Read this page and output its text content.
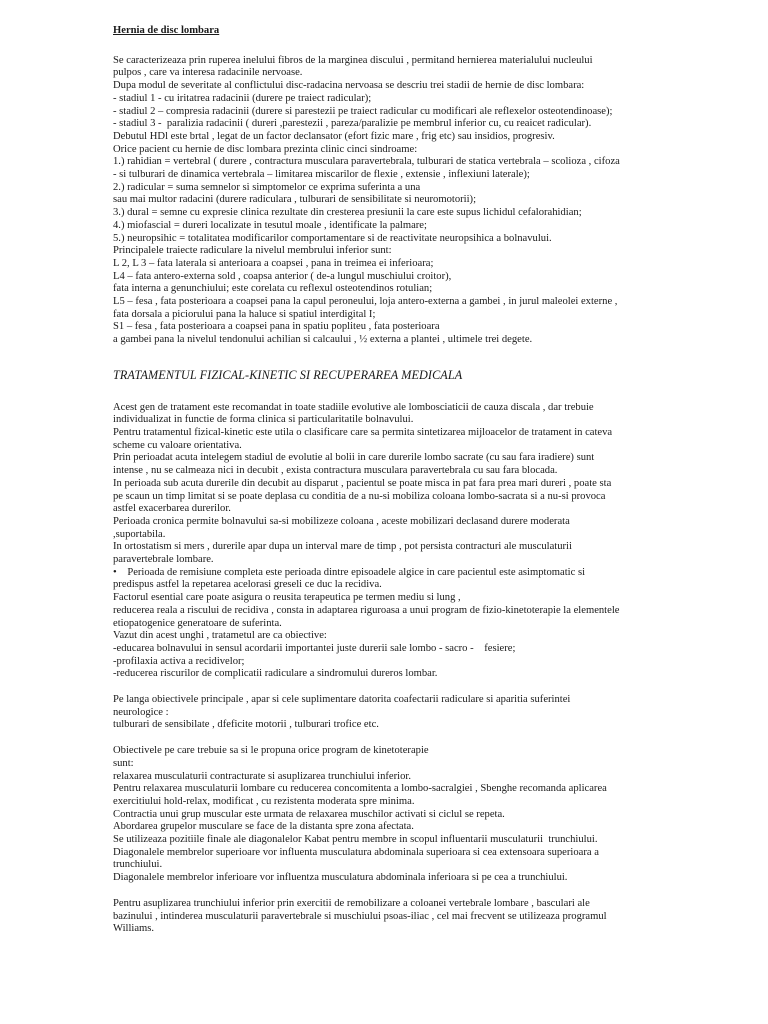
Hernia de disc lombara
Se caracterizeaza prin ruperea inelului fibros de la marginea discului , permitand hernierea materialului nucleului
pulpos , care va interesa radacinile nervoase.
Dupa modul de severitate al conflictului disc-radacina nervoasa se descriu trei stadii de hernie de disc lombara:
- stadiul 1 - cu iritatrea radacinii (durere pe traiect radicular);
- stadiul 2 – compresia radacinii (durere si parestezii pe traiect radicular cu modificari ale reflexelor osteotendinoase);
- stadiul 3 -  paralizia radacinii ( dureri ,parestezii , pareza/paralizie pe membrul inferior cu, cu reaicet radicular).
Debutul HDl este brtal , legat de un factor declansator (efort fizic mare , frig etc) sau insidios, progresiv.
Orice pacient cu hernie de disc lombara prezinta clinic cinci sindroame:
1.) rahidian = vertebral ( durere , contractura musculara paravertebrala, tulburari de statica vertebrala – scolioza , cifoza
- si tulburari de dinamica vertebrala – limitarea miscarilor de flexie , extensie , inflexiuni laterale);
2.) radicular = suma semnelor si simptomelor ce exprima suferinta a una
sau mai multor radacini (durere radiculara , tulburari de sensibilitate si neuromotorii);
3.) dural = semne cu expresie clinica rezultate din cresterea presiunii la care este supus lichidul cefalorahidian;
4.) miofascial = dureri localizate in tesutul moale , identificate la palmare;
5.) neuropsihic = totalitatea modificarilor comportamentare si de reactivitate neuropsihica a bolnavului.
Principalele traiecte radiculare la nivelul membrului inferior sunt:
L 2, L 3 – fata laterala si anterioara a coapsei , pana in treimea ei inferioara;
L4 – fata antero-externa sold , coapsa anterior ( de-a lungul muschiului croitor),
fata interna a genunchiului; este corelata cu reflexul osteotendinos rotulian;
L5 – fesa , fata posterioara a coapsei pana la capul peroneului, loja antero-externa a gambei , in jurul maleolei externe ,
fata dorsala a piciorului pana la haluce si spatiul interdigital I;
S1 – fesa , fata posterioara a coapsei pana in spatiu popliteu , fata posterioara
a gambei pana la nivelul tendonului achilian si calcaului , ½ externa a plantei , ultimele trei degete.
TRATAMENTUL FIZICAL-KINETIC SI RECUPERAREA MEDICALA
Acest gen de tratament este recomandat in toate stadiile evolutive ale lombosciaticii de cauza discala , dar trebuie
individualizat in functie de forma clinica si particularitatile bolnavului.
Pentru tratamentul fizical-kinetic este utila o clasificare care sa permita sintetizarea mijloacelor de tratament in cateva
scheme cu valoare orientativa.
Prin perioadat acuta intelegem stadiul de evolutie al bolii in care durerile lombo sacrate (cu sau fara iradiere) sunt
intense , nu se calmeaza nici in decubit , exista contractura musculara paravertebrala cu sau fara blocada.
In perioada sub acuta durerile din decubit au disparut , pacientul se poate misca in pat fara prea mari dureri , poate sta
pe scaun un timp limitat si se poate deplasa cu conditia de a nu-si mobiliza coloana lombo-sacrata si a nu-si provoca
astfel exacerbarea durerilor.
Perioada cronica permite bolnavului sa-si mobilizeze coloana , aceste mobilizari declasand durere moderata
,suportabila.
In ortostatism si mers , durerile apar dupa un interval mare de timp , pot persista contracturi ale musculaturii
paravertebrale lombare.
• Perioada de remisiune completa este perioada dintre episoadele algice in care pacientul este asimptomatic si
predispus astfel la repetarea acelorasi greseli ce duc la recidiva.
Factorul esential care poate asigura o reusita terapeutica pe termen mediu si lung ,
reducerea reala a riscului de recidiva , consta in adaptarea riguroasa a unui program de fizio-kinetoterapie la elementele
etiopatogenice generatoare de suferinta.
Vazut din acest unghi , tratametul are ca obiective:
-educarea bolnavului in sensul acordarii importantei juste durerii sale lombo - sacro -    fesiere;
-profilaxia activa a recidivelor;
-reducerea riscurilor de complicatii radiculare a sindromului dureros lombar.
Pe langa obiectivele principale , apar si cele suplimentare datorita coafectarii radiculare si aparitia suferintei
neurologice :
tulburari de sensibilate , dfeficite motorii , tulburari trofice etc.
Obiectivele pe care trebuie sa si le propuna orice program de kinetoterapie
sunt:
relaxarea musculaturii contracturate si asuplizarea trunchiului inferior.
Pentru relaxarea musculaturii lombare cu reducerea concomitenta a lombo-sacralgiei , Sbenghe recomanda aplicarea
exercitiului hold-relax, modificat , cu rezistenta moderata spre minima.
Contractia unui grup muscular este urmata de relaxarea muschilor activati si ciclul se repeta.
Abordarea grupelor musculare se face de la distanta spre zona afectata.
Se utilizeaza pozitiile finale ale diagonalelor Kabat pentru membre in scopul influentarii musculaturii  trunchiului.
Diagonalele membrelor superioare vor influenta musculatura abdominala superioara si cea extensoara superioara a
trunchiului.
Diagonalele membrelor inferioare vor influentza musculatura abdominala inferioara si pe cea a trunchiului.
Pentru asuplizarea trunchiului inferior prin exercitii de remobilizare a coloanei vertebrale lombare , basculari ale
bazinului , intinderea musculaturii paravertebrale si muschiului psoas-iliac , cel mai frecvent se utilizeaza programul
Williams.
